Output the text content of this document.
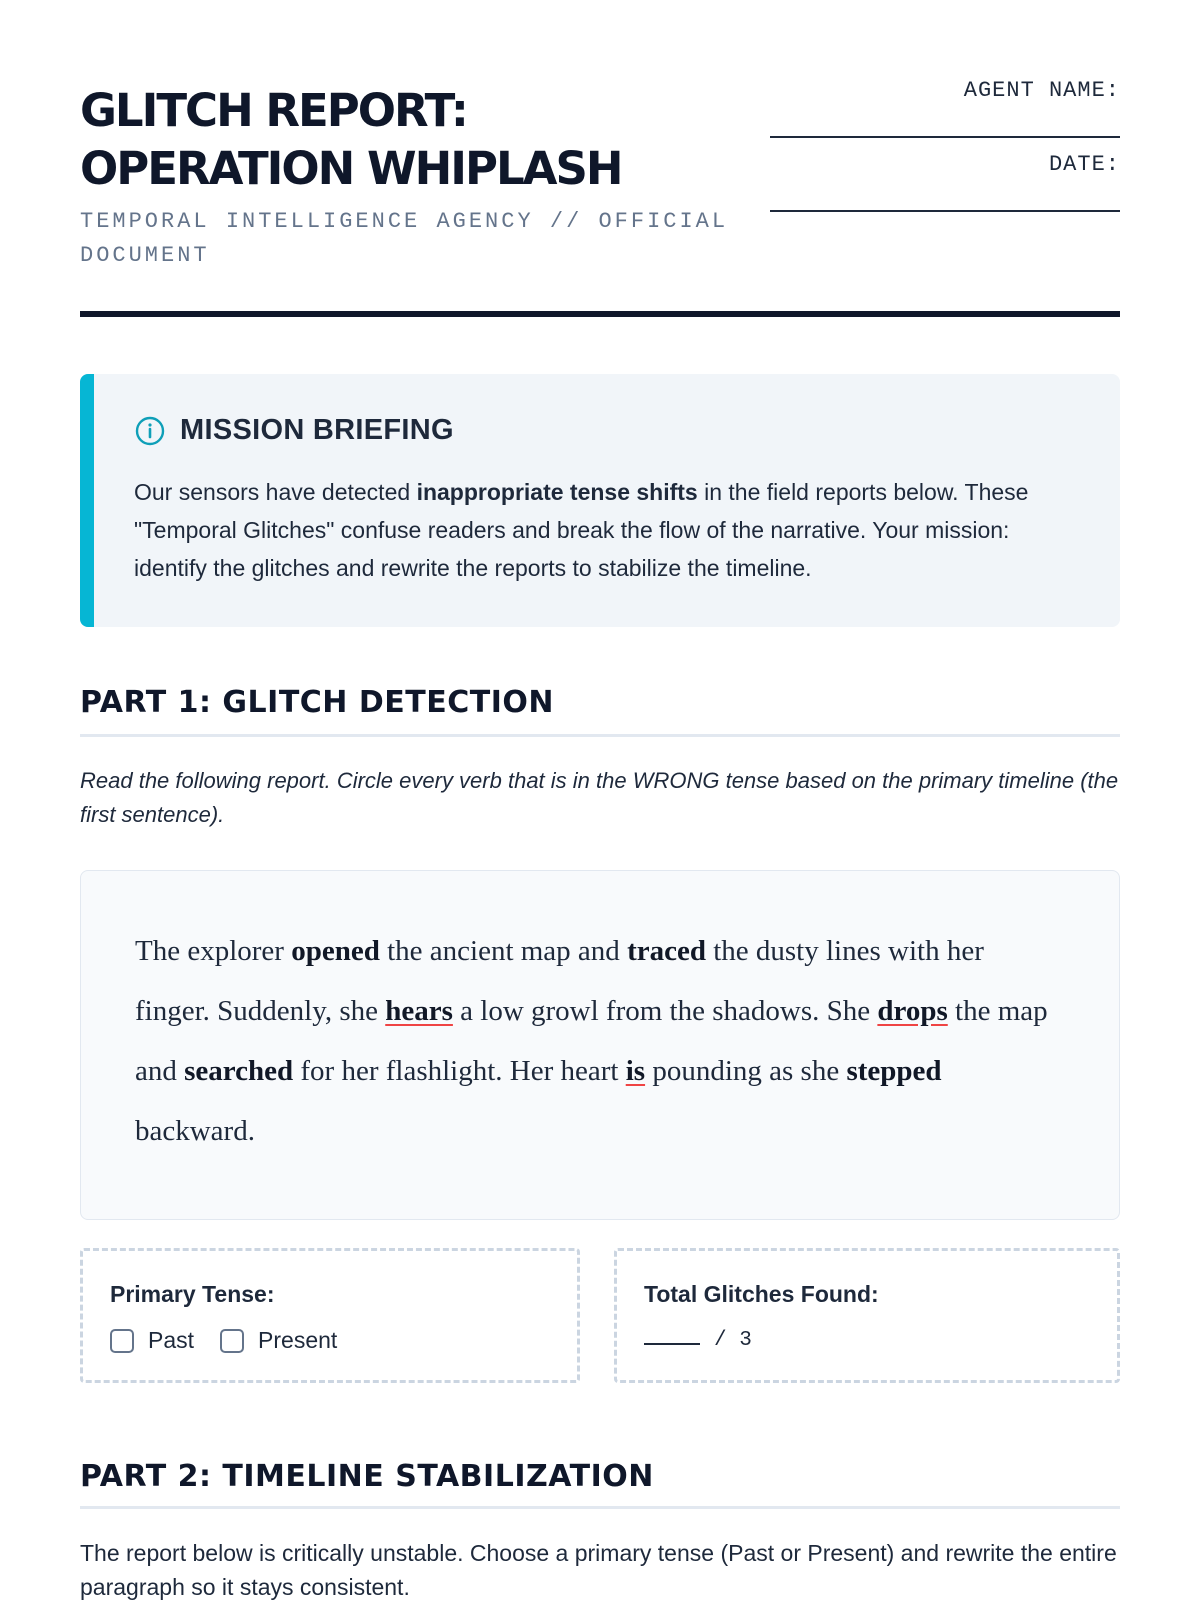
GLITCH REPORT:
OPERATION WHIPLASH
TEMPORAL INTELLIGENCE AGENCY // OFFICIAL DOCUMENT
AGENT NAME:
DATE:
MISSION BRIEFING
Our sensors have detected inappropriate tense shifts in the field reports below. These "Temporal Glitches" confuse readers and break the flow of the narrative. Your mission: identify the glitches and rewrite the reports to stabilize the timeline.
PART 1: GLITCH DETECTION
Read the following report. Circle every verb that is in the WRONG tense based on the primary timeline (the first sentence).
The explorer opened the ancient map and traced the dusty lines with her finger. Suddenly, she hears a low growl from the shadows. She drops the map and searched for her flashlight. Her heart is pounding as she stepped backward.
Primary Tense:
Past	Present
Total Glitches Found:
/ 3
PART 2: TIMELINE STABILIZATION
The report below is critically unstable. Choose a primary tense (Past or Present) and rewrite the entire paragraph so it stays consistent.
